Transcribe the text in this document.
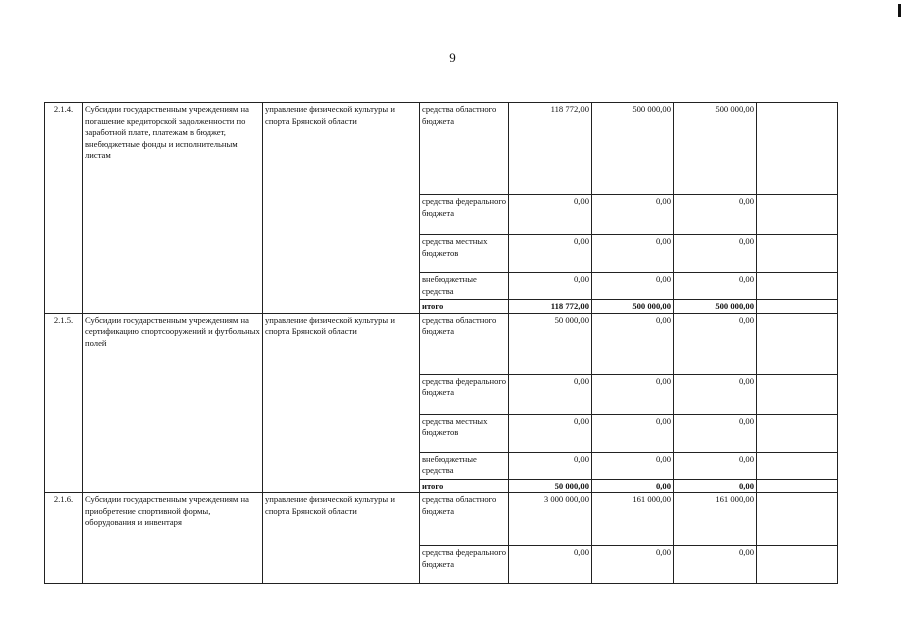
9
2.1.4.	Субсидии государственным учреждениям на погашение кредиторской задолженности по заработной плате, платежам в бюджет, внебюджетные фонды и исполнительным листам	управление физической культуры и спорта Брянской области	средства областного бюджета	118 772,00	500 000,00	500 000,00	
			средства федерального бюджета	0,00	0,00	0,00	
			средства местных бюджетов	0,00	0,00	0,00	
			внебюджетные средства	0,00	0,00	0,00	
			итого	118 772,00	500 000,00	500 000,00	
2.1.5.	Субсидии государственным учреждениям на сертификацию спортсооружений и футбольных полей	управление физической культуры и спорта Брянской области	средства областного бюджета	50 000,00	0,00	0,00	
			средства федерального бюджета	0,00	0,00	0,00	
			средства местных бюджетов	0,00	0,00	0,00	
			внебюджетные средства	0,00	0,00	0,00	
			итого	50 000,00	0,00	0,00	
2.1.6.	Субсидии государственным учреждениям на приобретение спортивной формы, оборудования и инвентаря	управление физической культуры и спорта Брянской области	средства областного бюджета	3 000 000,00	161 000,00	161 000,00	
			средства федерального бюджета	0,00	0,00	0,00	
